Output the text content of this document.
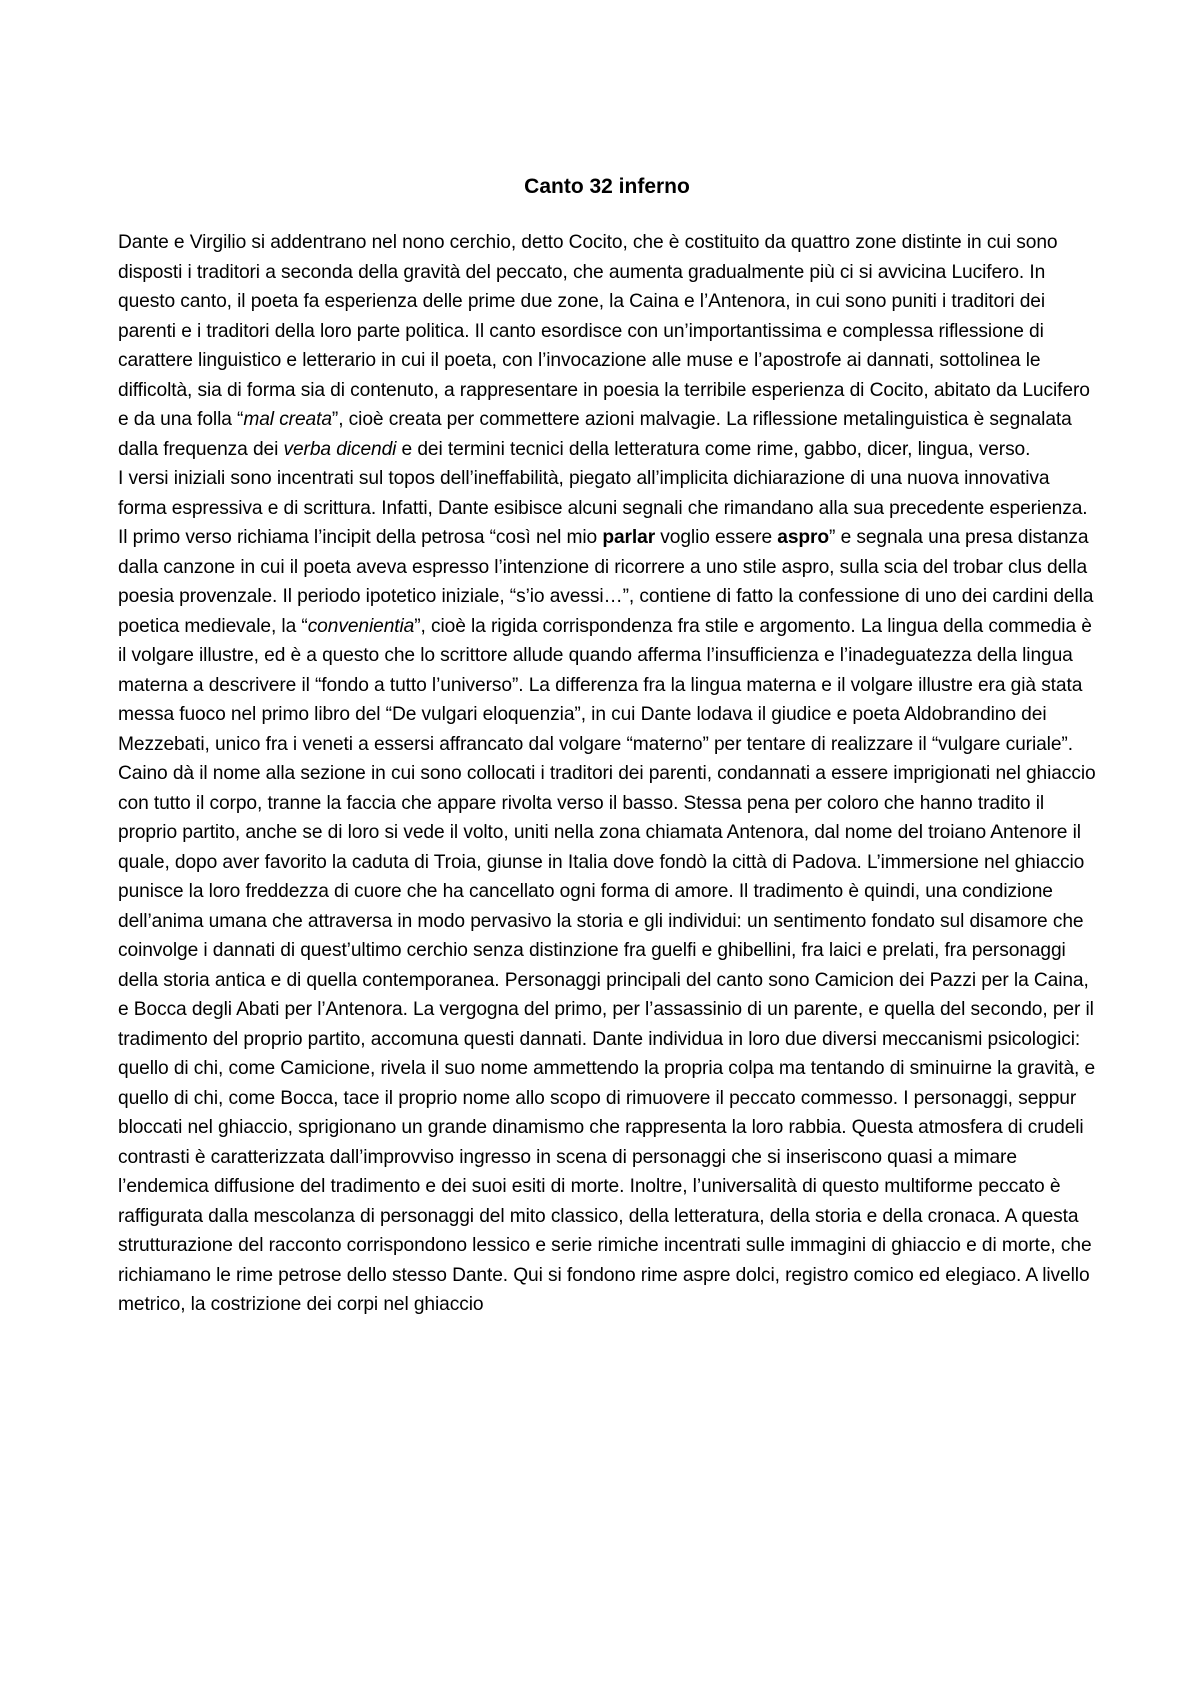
Canto 32 inferno

Dante e Virgilio si addentrano nel nono cerchio, detto Cocito, che è costituito da quattro zone distinte in cui sono disposti i traditori a seconda della gravità del peccato, che aumenta gradualmente più ci si avvicina Lucifero. In questo canto, il poeta fa esperienza delle prime due zone, la Caina e l’Antenora, in cui sono puniti i traditori dei parenti e i traditori della loro parte politica. Il canto esordisce con un’importantissima e complessa riflessione di carattere linguistico e letterario in cui il poeta, con l’invocazione alle muse e l’apostrofe ai dannati, sottolinea le difficoltà, sia di forma sia di contenuto, a rappresentare in poesia la terribile esperienza di Cocito, abitato da Lucifero e da una folla “mal creata”, cioè creata per commettere azioni malvagie. La riflessione metalinguistica è segnalata dalla frequenza dei verba dicendi e dei termini tecnici della letteratura come rime, gabbo, dicer, lingua, verso.

I versi iniziali sono incentrati sul topos dell’ineffabilità, piegato all’implicita dichiarazione di una nuova innovativa forma espressiva e di scrittura. Infatti, Dante esibisce alcuni segnali che rimandano alla sua precedente esperienza. Il primo verso richiama l’incipit della petrosa “così nel mio parlar voglio essere aspro” e segnala una presa distanza dalla canzone in cui il poeta aveva espresso l’intenzione di ricorrere a uno stile aspro, sulla scia del trobar clus della poesia provenzale. Il periodo ipotetico iniziale, “s’io avessi…”, contiene di fatto la confessione di uno dei cardini della poetica medievale, la “convenientia”, cioè la rigida corrispondenza fra stile e argomento. La lingua della commedia è il volgare illustre, ed è a questo che lo scrittore allude quando afferma l’insufficienza e l’inadeguatezza della lingua materna a descrivere il “fondo a tutto l’universo”. La differenza fra la lingua materna e il volgare illustre era già stata messa fuoco nel primo libro del “De vulgari eloquenzia”, in cui Dante lodava il giudice e poeta Aldobrandino dei Mezzebati, unico fra i veneti a essersi affrancato dal volgare “materno” per tentare di realizzare il “vulgare curiale”.

Caino dà il nome alla sezione in cui sono collocati i traditori dei parenti, condannati a essere imprigionati nel ghiaccio con tutto il corpo, tranne la faccia che appare rivolta verso il basso. Stessa pena per coloro che hanno tradito il proprio partito, anche se di loro si vede il volto, uniti nella zona chiamata Antenora, dal nome del troiano Antenore il quale, dopo aver favorito la caduta di Troia, giunse in Italia dove fondò la città di Padova. L’immersione nel ghiaccio punisce la loro freddezza di cuore che ha cancellato ogni forma di amore. Il tradimento è quindi, una condizione dell’anima umana che attraversa in modo pervasivo la storia e gli individui: un sentimento fondato sul disamore che coinvolge i dannati di quest’ultimo cerchio senza distinzione fra guelfi e ghibellini, fra laici e prelati, fra personaggi della storia antica e di quella contemporanea. Personaggi principali del canto sono Camicion dei Pazzi per la Caina, e Bocca degli Abati per l’Antenora. La vergogna del primo, per l’assassinio di un parente, e quella del secondo, per il tradimento del proprio partito, accomuna questi dannati. Dante individua in loro due diversi meccanismi psicologici: quello di chi, come Camicione, rivela il suo nome ammettendo la propria colpa ma tentando di sminuirne la gravità, e quello di chi, come Bocca, tace il proprio nome allo scopo di rimuovere il peccato commesso. I personaggi, seppur bloccati nel ghiaccio, sprigionano un grande dinamismo che rappresenta la loro rabbia. Questa atmosfera di crudeli contrasti è caratterizzata dall’improvviso ingresso in scena di personaggi che si inseriscono quasi a mimare l’endemica diffusione del tradimento e dei suoi esiti di morte. Inoltre, l’universalità di questo multiforme peccato è raffigurata dalla mescolanza di personaggi del mito classico, della letteratura, della storia e della cronaca. A questa strutturazione del racconto corrispondono lessico e serie rimiche incentrati sulle immagini di ghiaccio e di morte, che richiamano le rime petrose dello stesso Dante. Qui si fondono rime aspre dolci, registro comico ed elegiaco. A livello metrico, la costrizione dei corpi nel ghiaccio
